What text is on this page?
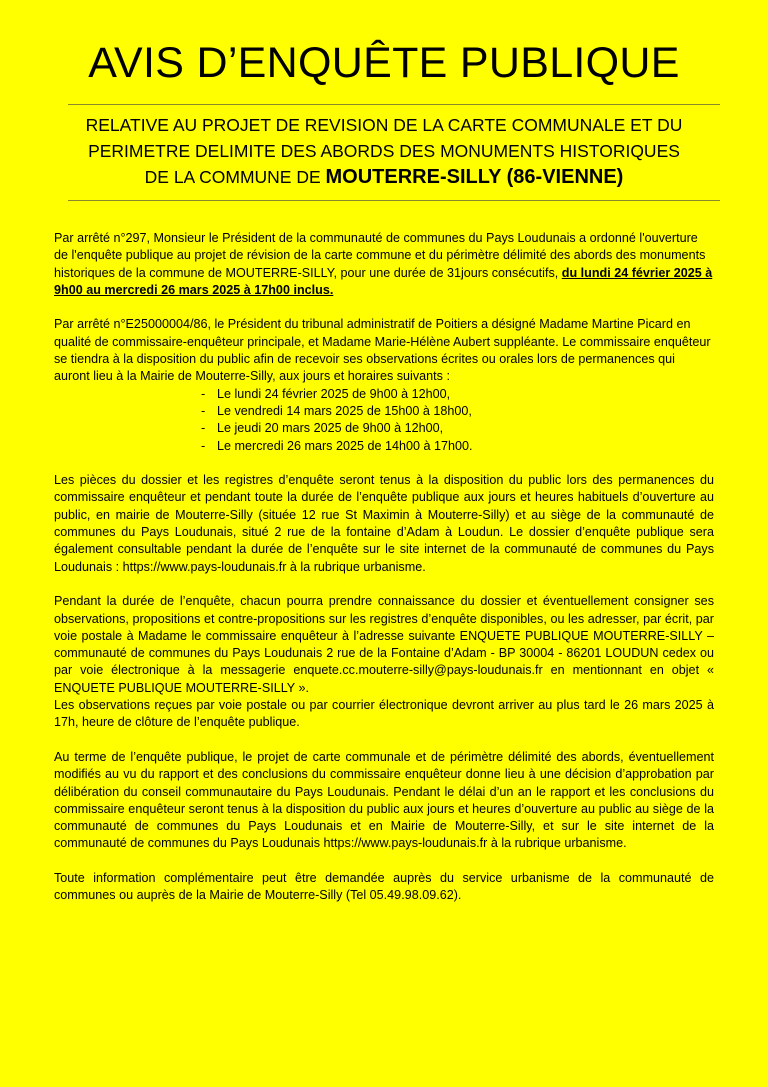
AVIS D’ENQUÊTE PUBLIQUE
RELATIVE AU PROJET DE REVISION DE LA CARTE COMMUNALE ET DU
PERIMETRE DELIMITE DES ABORDS DES MONUMENTS HISTORIQUES
DE LA COMMUNE DE MOUTERRE-SILLY (86-VIENNE)

Par arrêté n°297, Monsieur le Président de la communauté de communes du Pays Loudunais a ordonné l'ouverture de l'enquête publique au projet de révision de la carte commune et du périmètre délimité des abords des monuments historiques de la commune de MOUTERRE-SILLY, pour une durée de 31jours consécutifs, du lundi 24 février 2025 à 9h00 au mercredi 26 mars 2025 à 17h00 inclus.

Par arrêté n°E25000004/86, le Président du tribunal administratif de Poitiers a désigné Madame Martine Picard en qualité de commissaire-enquêteur principale, et Madame Marie-Hélène Aubert suppléante. Le commissaire enquêteur se tiendra à la disposition du public afin de recevoir ses observations écrites ou orales lors de permanences qui auront lieu à la Mairie de Mouterre-Silly, aux jours et horaires suivants :

- Le lundi 24 février 2025 de 9h00 à 12h00,
- Le vendredi 14 mars 2025 de 15h00 à 18h00,
- Le jeudi 20 mars 2025 de 9h00 à 12h00,
- Le mercredi 26 mars 2025 de 14h00 à 17h00.

Les pièces du dossier et les registres d’enquête seront tenus à la disposition du public lors des permanences du commissaire enquêteur et pendant toute la durée de l’enquête publique aux jours et heures habituels d’ouverture au public, en mairie de Mouterre-Silly (située 12 rue St Maximin à Mouterre-Silly) et au siège de la communauté de communes du Pays Loudunais, situé 2 rue de la fontaine d’Adam à Loudun. Le dossier d’enquête publique sera également consultable pendant la durée de l’enquête sur le site internet de la communauté de communes du Pays Loudunais : https://www.pays-loudunais.fr à la rubrique urbanisme.

Pendant la durée de l’enquête, chacun pourra prendre connaissance du dossier et éventuellement consigner ses observations, propositions et contre-propositions sur les registres d’enquête disponibles, ou les adresser, par écrit, par voie postale à Madame le commissaire enquêteur à l’adresse suivante ENQUETE PUBLIQUE MOUTERRE-SILLY – communauté de communes du Pays Loudunais 2 rue de la Fontaine d’Adam - BP 30004 - 86201 LOUDUN cedex ou par voie électronique à la messagerie enquete.cc.mouterre-silly@pays-loudunais.fr en mentionnant en objet « ENQUETE PUBLIQUE MOUTERRE-SILLY ».

Les observations reçues par voie postale ou par courrier électronique devront arriver au plus tard le 26 mars 2025 à 17h, heure de clôture de l’enquête publique.

Au terme de l’enquête publique, le projet de carte communale et de périmètre délimité des abords, éventuellement modifiés au vu du rapport et des conclusions du commissaire enquêteur donne lieu à une décision d’approbation par délibération du conseil communautaire du Pays Loudunais. Pendant le délai d’un an le rapport et les conclusions du commissaire enquêteur seront tenus à la disposition du public aux jours et heures d’ouverture au public au siège de la communauté de communes du Pays Loudunais et en Mairie de Mouterre-Silly, et sur le site internet de la communauté de communes du Pays Loudunais https://www.pays-loudunais.fr à la rubrique urbanisme.

Toute information complémentaire peut être demandée auprès du service urbanisme de la communauté de communes ou auprès de la Mairie de Mouterre-Silly (Tel 05.49.98.09.62).
